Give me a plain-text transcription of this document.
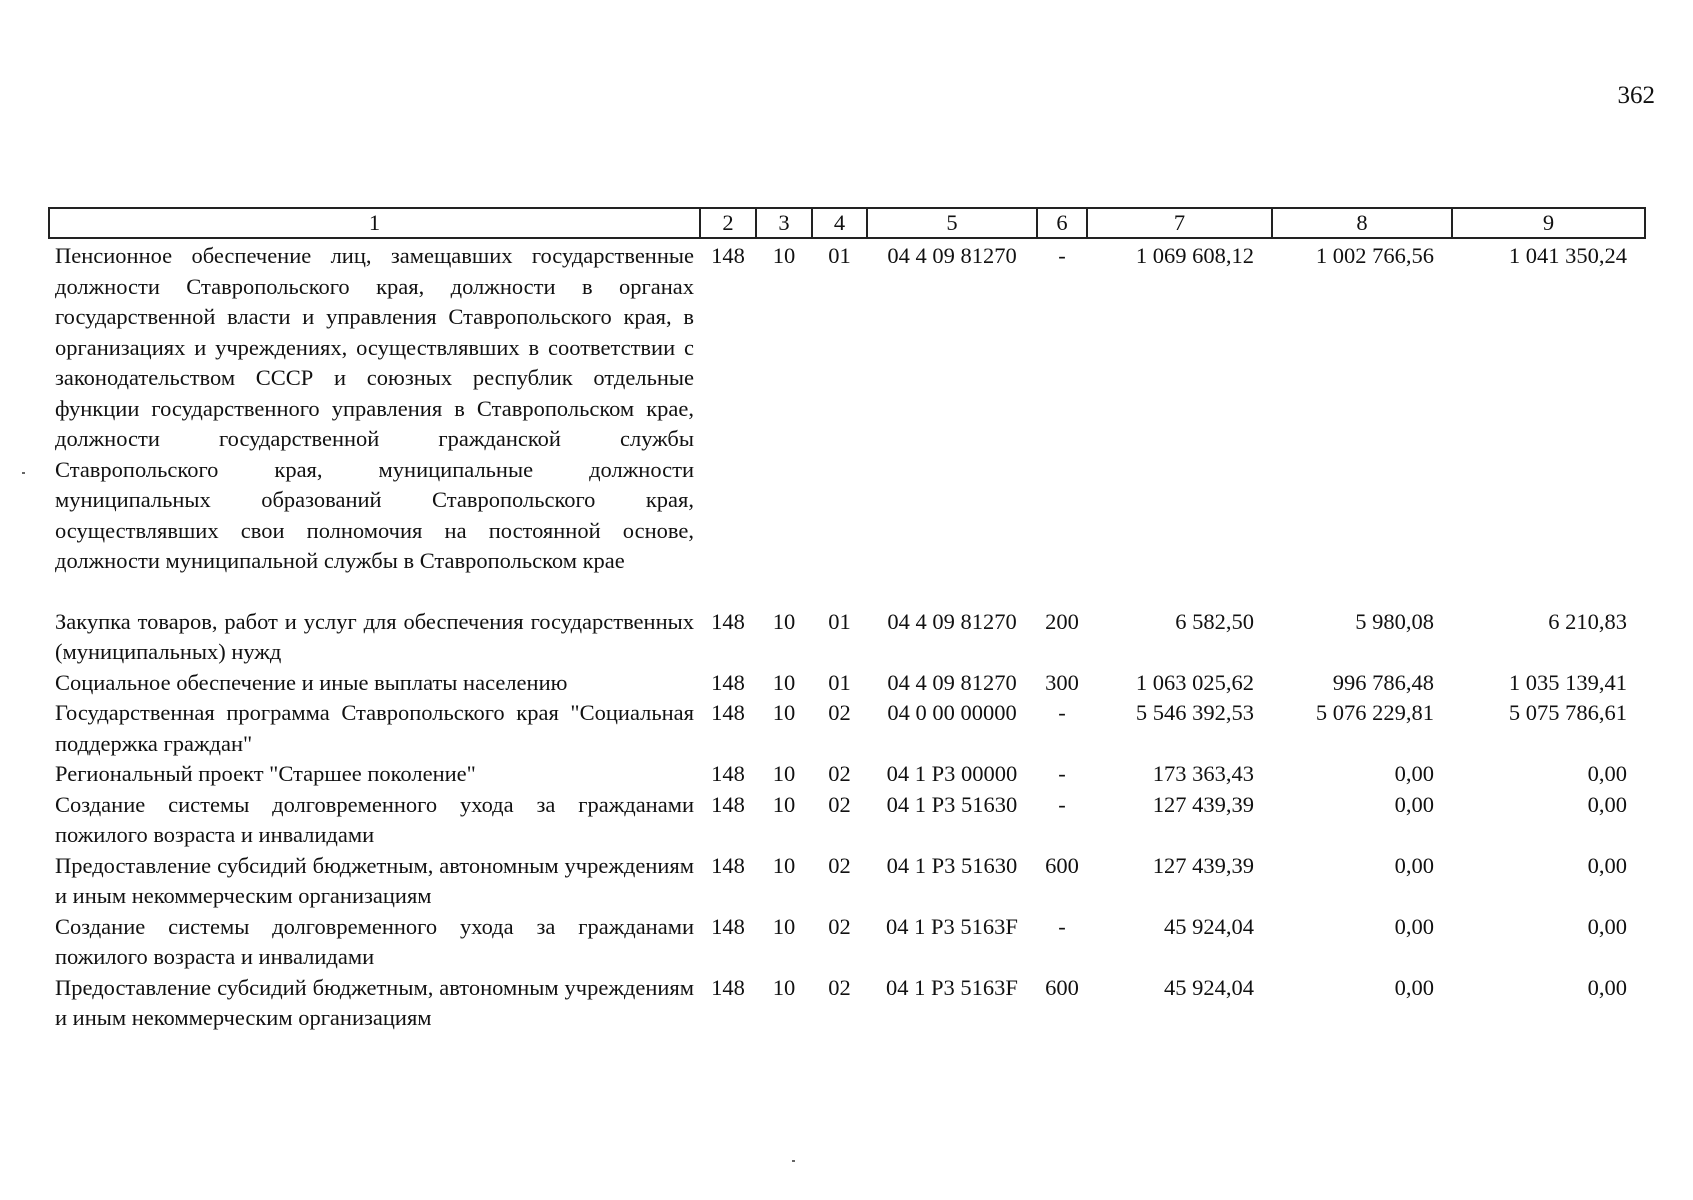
362
1	2	3	4	5	6	7	8	9
Пенсионное обеспечение лиц, замещавших государственные должности Ставропольского края, должности в органах государственной власти и управления Ставропольского края, в организациях и учреждениях, осуществлявших в соответствии с законодательством СССР и союзных республик отдельные функции государственного управления в Ставропольском крае, должности государственной гражданской службы Ставропольского края, муниципальные должности муниципальных образований Ставропольского края, осуществлявших свои полномочия на постоянной основе, должности муниципальной службы в Ставропольском крае	148	10	01	04 4 09 81270	-	1 069 608,12	1 002 766,56	1 041 350,24

Закупка товаров, работ и услуг для обеспечения государственных (муниципальных) нужд	148	10	01	04 4 09 81270	200	6 582,50	5 980,08	6 210,83
Социальное обеспечение и иные выплаты населению	148	10	01	04 4 09 81270	300	1 063 025,62	996 786,48	1 035 139,41
Государственная программа Ставропольского края "Социальная поддержка граждан"	148	10	02	04 0 00 00000	-	5 546 392,53	5 076 229,81	5 075 786,61
Региональный проект "Старшее поколение"	148	10	02	04 1 P3 00000	-	173 363,43	0,00	0,00
Создание системы долговременного ухода за гражданами пожилого возраста и инвалидами	148	10	02	04 1 P3 51630	-	127 439,39	0,00	0,00
Предоставление субсидий бюджетным, автономным учреждениям и иным некоммерческим организациям	148	10	02	04 1 P3 51630	600	127 439,39	0,00	0,00
Создание системы долговременного ухода за гражданами пожилого возраста и инвалидами	148	10	02	04 1 P3 5163F	-	45 924,04	0,00	0,00
Предоставление субсидий бюджетным, автономным учреждениям и иным некоммерческим организациям	148	10	02	04 1 P3 5163F	600	45 924,04	0,00	0,00
